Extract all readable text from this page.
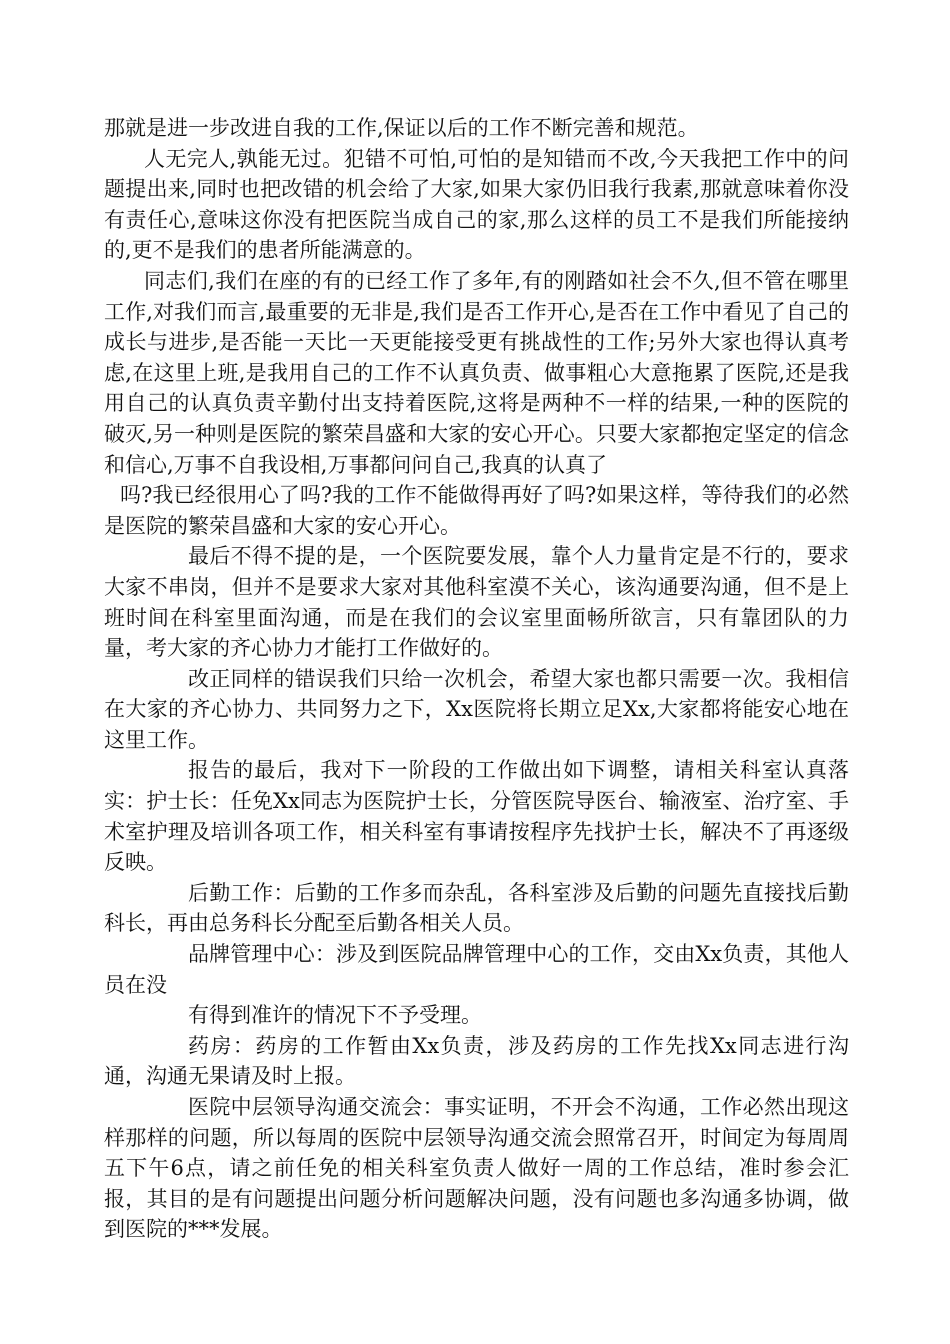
那就是进一步改进自我的工作,保证以后的工作不断完善和规范。

人无完人,孰能无过。犯错不可怕,可怕的是知错而不改,今天我把工作中的问题提出来,同时也把改错的机会给了大家,如果大家仍旧我行我素,那就意味着你没有责任心,意味这你没有把医院当成自己的家,那么这样的员工不是我们所能接纳的,更不是我们的患者所能满意的。

同志们,我们在座的有的已经工作了多年,有的刚踏如社会不久,但不管在哪里工作,对我们而言,最重要的无非是,我们是否工作开心,是否在工作中看见了自己的成长与进步,是否能一天比一天更能接受更有挑战性的工作;另外大家也得认真考虑,在这里上班,是我用自己的工作不认真负责、做事粗心大意拖累了医院,还是我用自己的认真负责辛勤付出支持着医院,这将是两种不一样的结果,一种的医院的破灭,另一种则是医院的繁荣昌盛和大家的安心开心。只要大家都抱定坚定的信念和信心,万事不自我设相,万事都问问自己,我真的认真了

吗?我已经很用心了吗?我的工作不能做得再好了吗?如果这样，等待我们的必然是医院的繁荣昌盛和大家的安心开心。

最后不得不提的是，一个医院要发展，靠个人力量肯定是不行的，要求大家不串岗，但并不是要求大家对其他科室漠不关心，该沟通要沟通，但不是上班时间在科室里面沟通，而是在我们的会议室里面畅所欲言，只有靠团队的力量，考大家的齐心协力才能打工作做好的。

改正同样的错误我们只给一次机会，希望大家也都只需要一次。我相信在大家的齐心协力、共同努力之下，Xx医院将长期立足Xx,大家都将能安心地在这里工作。

报告的最后，我对下一阶段的工作做出如下调整，请相关科室认真落实：护士长：任免Xx同志为医院护士长，分管医院导医台、输液室、治疗室、手术室护理及培训各项工作，相关科室有事请按程序先找护士长，解决不了再逐级反映。

后勤工作：后勤的工作多而杂乱，各科室涉及后勤的问题先直接找后勤科长，再由总务科长分配至后勤各相关人员。

品牌管理中心：涉及到医院品牌管理中心的工作，交由Xx负责，其他人员在没

有得到准许的情况下不予受理。

药房：药房的工作暂由Xx负责，涉及药房的工作先找Xx同志进行沟通，沟通无果请及时上报。

医院中层领导沟通交流会：事实证明，不开会不沟通，工作必然出现这样那样的问题，所以每周的医院中层领导沟通交流会照常召开，时间定为每周周五下午6点，请之前任免的相关科室负责人做好一周的工作总结，准时参会汇报，其目的是有问题提出问题分析问题解决问题，没有问题也多沟通多协调，做到医院的***发展。
